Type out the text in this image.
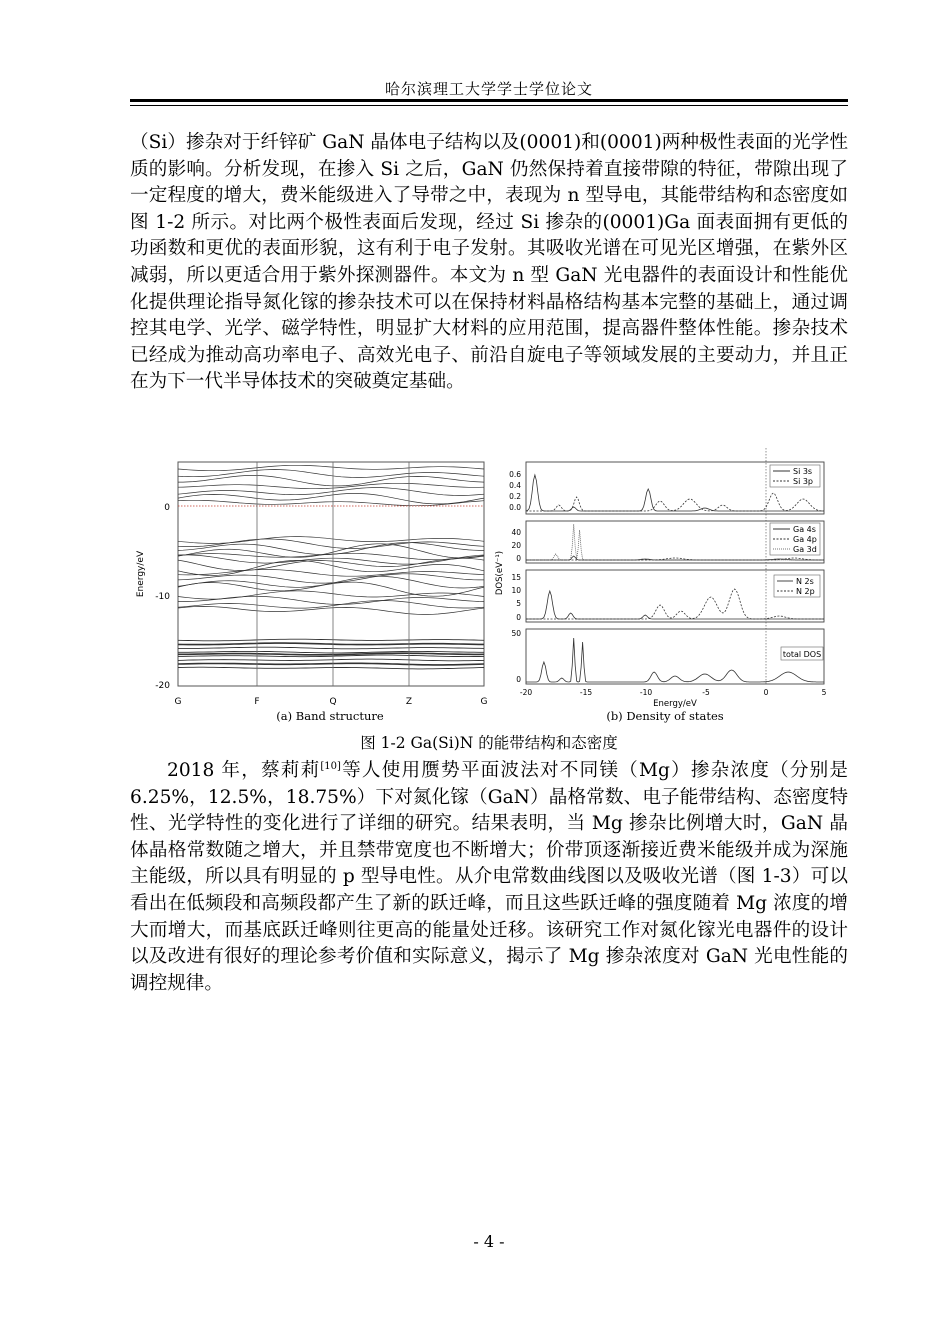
哈尔滨理工大学学士学位论文

（Si）掺杂对于纤锌矿 GaN 晶体电子结构以及(0001)和(0001)两种极性表面的光学性质的影响。分析发现，在掺入 Si 之后，GaN 仍然保持着直接带隙的特征，带隙出现了一定程度的增大，费米能级进入了导带之中，表现为 n 型导电，其能带结构和态密度如图 1-2 所示。对比两个极性表面后发现，经过 Si 掺杂的(0001)Ga 面表面拥有更低的功函数和更优的表面形貌，这有利于电子发射。其吸收光谱在可见光区增强，在紫外区减弱，所以更适合用于紫外探测器件。本文为 n 型 GaN 光电器件的表面设计和性能优化提供理论指导氮化镓的掺杂技术可以在保持材料晶格结构基本完整的基础上，通过调控其电学、光学、磁学特性，明显扩大材料的应用范围，提高器件整体性能。掺杂技术已经成为推动高功率电子、高效光电子、前沿自旋电子等领域发展的主要动力，并且正在为下一代半导体技术的突破奠定基础。

Energy/eV
0
-10
-20
G	F	Q	Z	G
(a) Band structure
Si 3s
Si 3p
Ga 4s
Ga 4p
Ga 3d
N 2s
N 2p
total DOS
0.6
0.4
0.2
0.0
40
20
0
15
10
5
0
50
0
-20	-15	-10	-5	0	5
Energy/eV
DOS(eV⁻¹)
(b) Density of states
图 1-2 Ga(Si)N 的能带结构和态密度

2018 年，蔡莉莉[10]等人使用赝势平面波法对不同镁（Mg）掺杂浓度（分别是 6.25%，12.5%，18.75%）下对氮化镓（GaN）晶格常数、电子能带结构、态密度特性、光学特性的变化进行了详细的研究。结果表明，当 Mg 掺杂比例增大时，GaN 晶体晶格常数随之增大，并且禁带宽度也不断增大；价带顶逐渐接近费米能级并成为深施主能级，所以具有明显的 p 型导电性。从介电常数曲线图以及吸收光谱（图 1-3）可以看出在低频段和高频段都产生了新的跃迁峰，而且这些跃迁峰的强度随着 Mg 浓度的增大而增大，而基底跃迁峰则往更高的能量处迁移。该研究工作对氮化镓光电器件的设计以及改进有很好的理论参考价值和实际意义，揭示了 Mg 掺杂浓度对 GaN 光电性能的调控规律。

- 4 -
